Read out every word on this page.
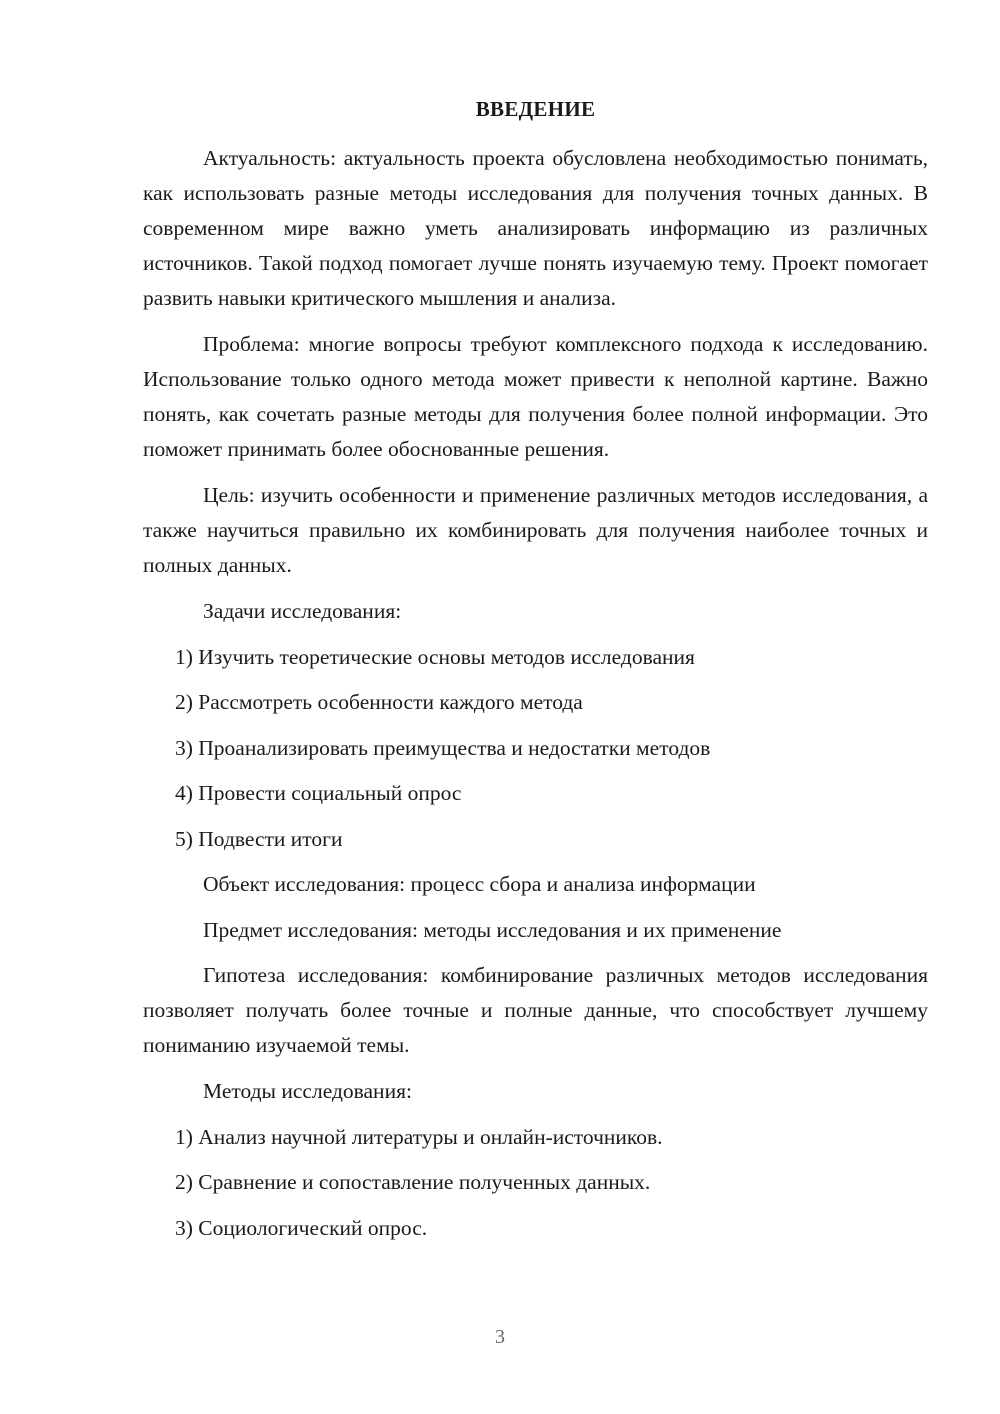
ВВЕДЕНИЕ

Актуальность: актуальность проекта обусловлена необходимостью понимать, как использовать разные методы исследования для получения точных данных. В современном мире важно уметь анализировать информацию из различных источников. Такой подход помогает лучше понять изучаемую тему. Проект помогает развить навыки критического мышления и анализа.

Проблема: многие вопросы требуют комплексного подхода к исследованию. Использование только одного метода может привести к неполной картине. Важно понять, как сочетать разные методы для получения более полной информации. Это поможет принимать более обоснованные решения.

Цель: изучить особенности и применение различных методов исследования, а также научиться правильно их комбинировать для получения наиболее точных и полных данных.

Задачи исследования:
1) Изучить теоретические основы методов исследования
2) Рассмотреть особенности каждого метода
3) Проанализировать преимущества и недостатки методов
4) Провести социальный опрос
5) Подвести итоги
Объект исследования: процесс сбора и анализа информации
Предмет исследования: методы исследования и их применение

Гипотеза исследования: комбинирование различных методов исследования позволяет получать более точные и полные данные, что способствует лучшему пониманию изучаемой темы.

Методы исследования:
1) Анализ научной литературы и онлайн-источников.
2) Сравнение и сопоставление полученных данных.
3) Социологический опрос.
3
